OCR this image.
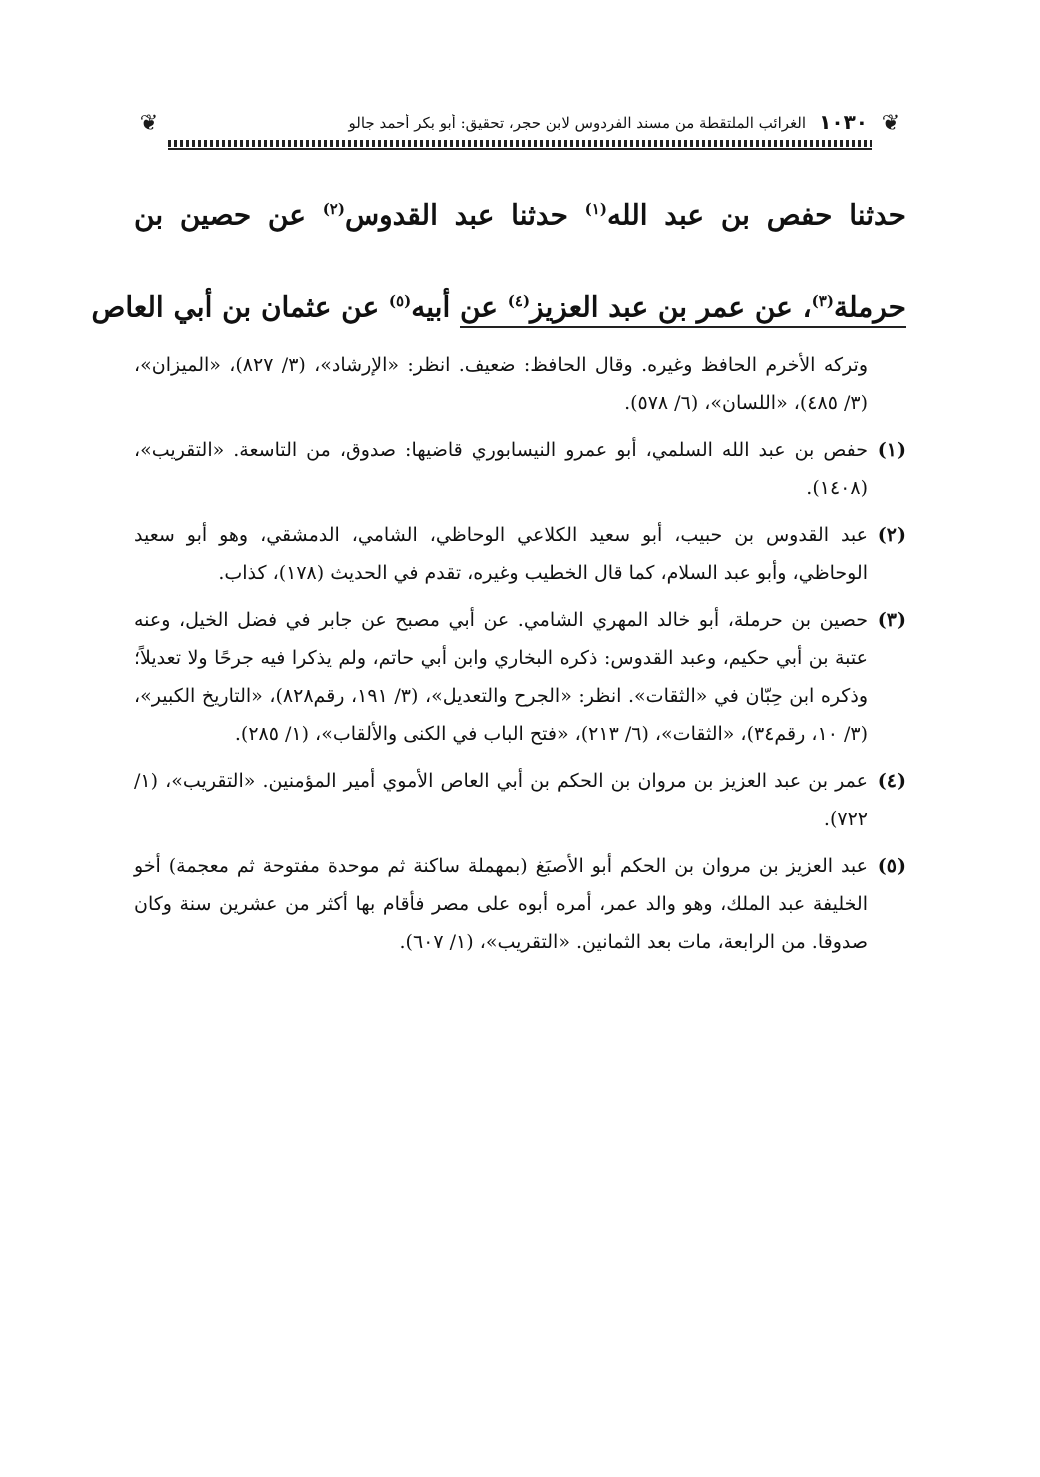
❦
١٠٣٠
الغرائب الملتقطة من مسند الفردوس لابن حجر، تحقيق: أبو بكر أحمد جالو
❦

حدثنا حفص بن عبد الله$^{(١)}$ حدثنا عبد القدوس$^{(٢)}$ عن حصين بن

حرملة$^{(٣)}$، عن عمر بن عبد العزيز$^{(٤)}$ عن أبيه$^{(٥)}$ عن عثمان بن أبي العاص

وتركه الأخرم الحافظ وغيره. وقال الحافظ: ضعيف. انظر: «الإرشاد»، (٣/ ٨٢٧)، «الميزان»، (٣/ ٤٨٥)، «اللسان»، (٦/ ٥٧٨).

(١)
حفص بن عبد الله السلمي، أبو عمرو النيسابوري قاضيها: صدوق، من التاسعة. «التقريب»، (١٤٠٨).
(٢)
عبد القدوس بن حبيب، أبو سعيد الكلاعي الوحاظي، الشامي، الدمشقي، وهو أبو سعيد الوحاظي، وأبو عبد السلام، كما قال الخطيب وغيره، تقدم في الحديث (١٧٨)، كذاب.
(٣)
حصين بن حرملة، أبو خالد المهري الشامي. عن أبي مصبح عن جابر في فضل الخيل، وعنه عتبة بن أبي حكيم، وعبد القدوس: ذكره البخاري وابن أبي حاتم، ولم يذكرا فيه جرحًا ولا تعديلاً؛ وذكره ابن حِبّان في «الثقات». انظر: «الجرح والتعديل»، (٣/ ١٩١، رقم٨٢٨)، «التاريخ الكبير»، (٣/ ١٠، رقم٣٤)، «الثقات»، (٦/ ٢١٣)، «فتح الباب في الكنى والألقاب»، (١/ ٢٨٥).
(٤)
عمر بن عبد العزيز بن مروان بن الحكم بن أبي العاص الأموي أمير المؤمنين. «التقريب»، (١/ ٧٢٢).
(٥)
عبد العزيز بن مروان بن الحكم أبو الأصبَغ (بمهملة ساكنة ثم موحدة مفتوحة ثم معجمة) أخو الخليفة عبد الملك، وهو والد عمر، أمره أبوه على مصر فأقام بها أكثر من عشرين سنة وكان صدوقا. من الرابعة، مات بعد الثمانين. «التقريب»، (١/ ٦٠٧).
